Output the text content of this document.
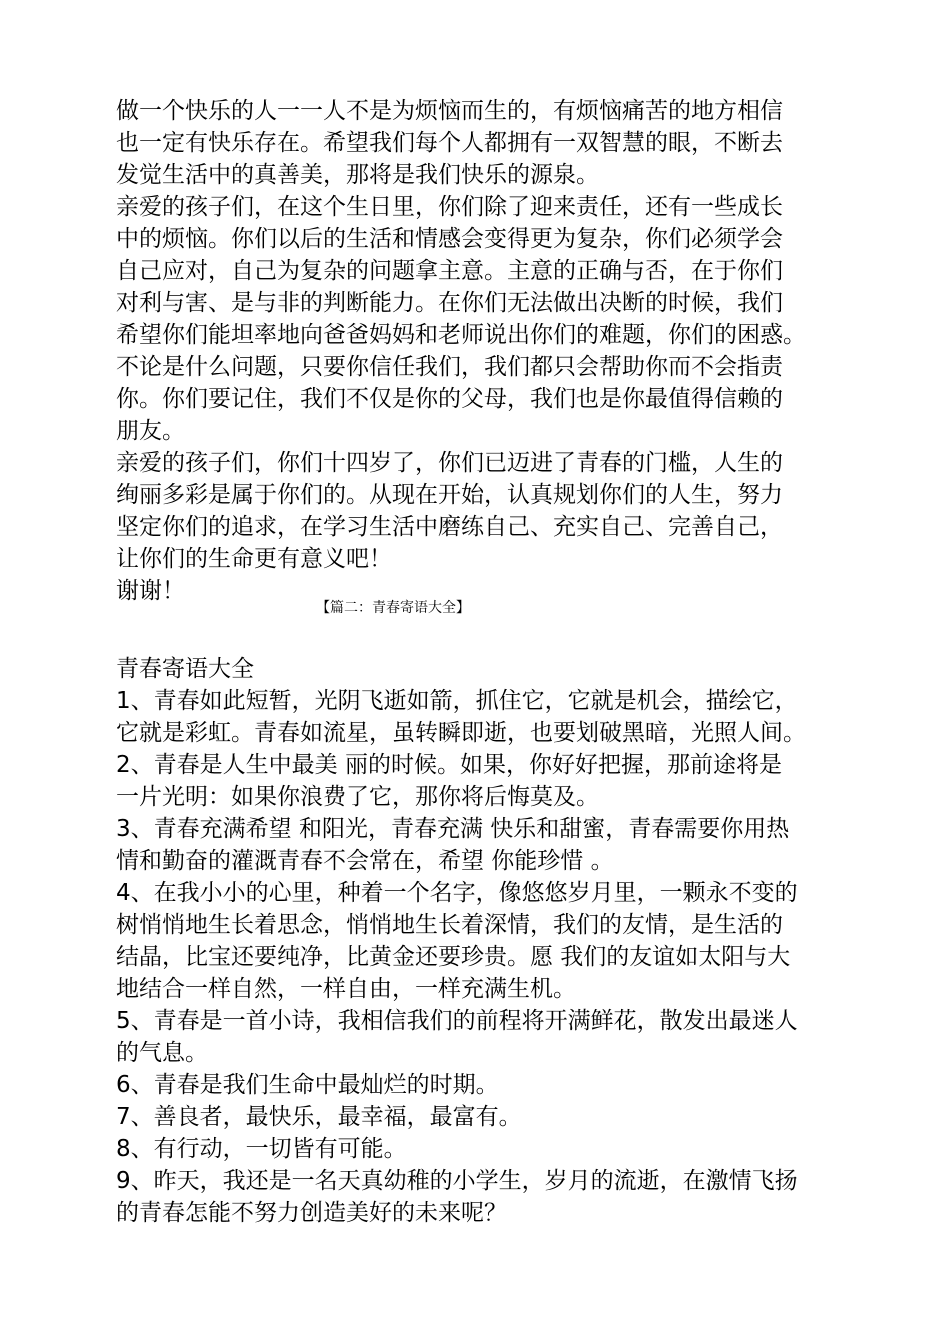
做一个快乐的人一一人不是为烦恼而生的，有烦恼痛苦的地方相信
也一定有快乐存在。希望我们每个人都拥有一双智慧的眼，不断去
发觉生活中的真善美，那将是我们快乐的源泉。
亲爱的孩子们，在这个生日里，你们除了迎来责任，还有一些成长
中的烦恼。你们以后的生活和情感会变得更为复杂，你们必须学会
自己应对，自己为复杂的问题拿主意。主意的正确与否，在于你们
对利与害、是与非的判断能力。在你们无法做出决断的时候，我们
希望你们能坦率地向爸爸妈妈和老师说出你们的难题，你们的困惑。
不论是什么问题，只要你信任我们，我们都只会帮助你而不会指责
你。你们要记住，我们不仅是你的父母，我们也是你最值得信赖的
朋友。
亲爱的孩子们，你们十四岁了，你们已迈进了青春的门槛，人生的
绚丽多彩是属于你们的。从现在开始，认真规划你们的人生，努力
坚定你们的追求，在学习生活中磨练自己、充实自己、完善自己，
让你们的生命更有意义吧！
谢谢！
【篇二：青春寄语大全】
青春寄语大全
1、青春如此短暂，光阴飞逝如箭，抓住它，它就是机会，描绘它，
它就是彩虹。青春如流星，虽转瞬即逝，也要划破黑暗，光照人间。
2、青春是人生中最美 丽的时候。如果，你好好把握，那前途将是
一片光明：如果你浪费了它，那你将后悔莫及。
3、青春充满希望 和阳光，青春充满 快乐和甜蜜，青春需要你用热
情和勤奋的灌溉青春不会常在，希望 你能珍惜 。
4、在我小小的心里，种着一个名字，像悠悠岁月里，一颗永不变的
树悄悄地生长着思念，悄悄地生长着深情，我们的友情，是生活的
结晶，比宝还要纯净，比黄金还要珍贵。愿 我们的友谊如太阳与大
地结合一样自然，一样自由，一样充满生机。
5、青春是一首小诗，我相信我们的前程将开满鲜花，散发出最迷人
的气息。
6、青春是我们生命中最灿烂的时期。
7、善良者，最快乐，最幸福，最富有。
8、有行动，一切皆有可能。
9、昨天，我还是一名天真幼稚的小学生，岁月的流逝，在激情飞扬
的青春怎能不努力创造美好的未来呢？
